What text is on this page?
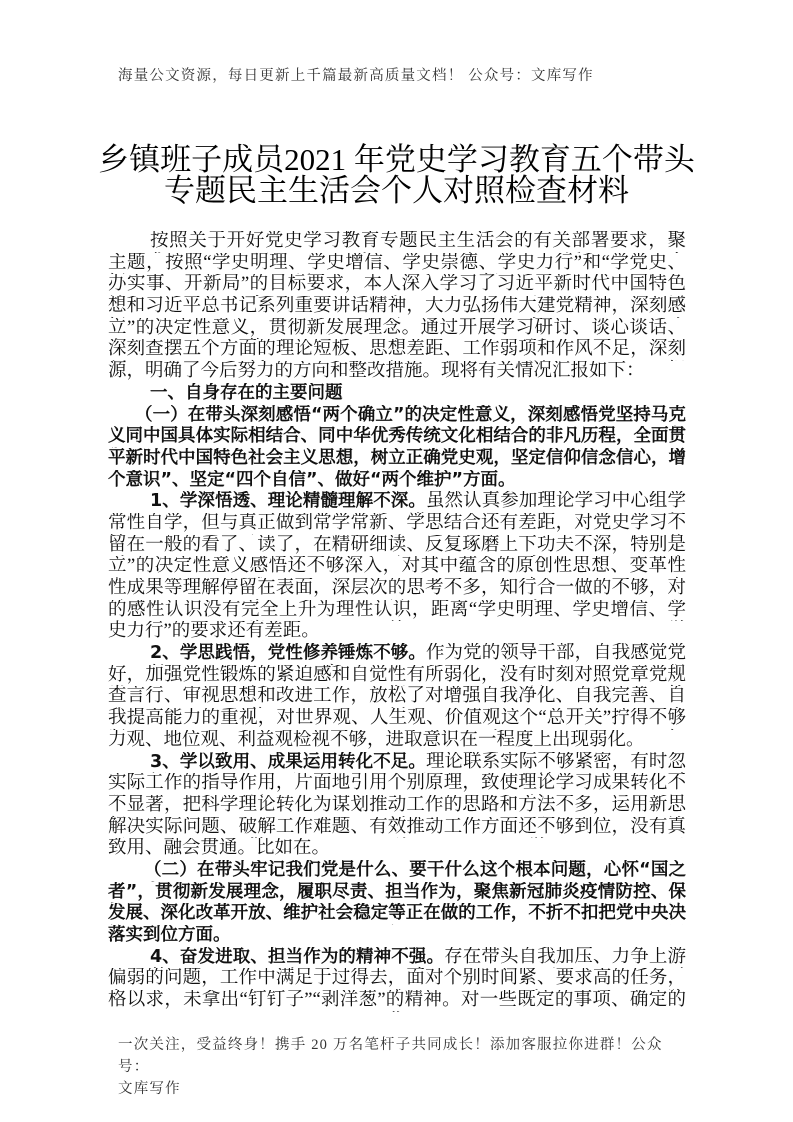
海量公文资源，每日更新上千篇最新高质量文档！ 公众号：文库写作
乡镇班子成员2021 年党史学习教育五个带头
专题民主生活会个人对照检查材料
按照关于开好党史学习教育专题民主生活会的有关部署要求，聚
主题，按照“学史明理、学史增信、学史崇德、学史力行”和“学党史、
办实事、开新局”的目标要求，本人深入学习了习近平新时代中国特色
想和习近平总书记系列重要讲话精神，大力弘扬伟大建党精神，深刻感
立”的决定性意义，贯彻新发展理念。通过开展学习研讨、谈心谈话、
深刻查摆五个方面的理论短板、思想差距、工作弱项和作风不足，深刻
源，明确了今后努力的方向和整改措施。现将有关情况汇报如下：
一、自身存在的主要问题
（一）在带头深刻感悟“两个确立”的决定性意义，深刻感悟党坚持马克
义同中国具体实际相结合、同中华优秀传统文化相结合的非凡历程，全面贯
平新时代中国特色社会主义思想，树立正确党史观，坚定信仰信念信心，增
个意识”、坚定“四个自信”、做好“两个维护”方面。
1、学深悟透、理论精髓理解不深。虽然认真参加理论学习中心组学
常性自学，但与真正做到常学常新、学思结合还有差距，对党史学习不
留在一般的看了、读了，在精研细读、反复琢磨上下功夫不深，特别是
立”的决定性意义感悟还不够深入，对其中蕴含的原创性思想、变革性
性成果等理解停留在表面，深层次的思考不多，知行合一做的不够，对
的感性认识没有完全上升为理性认识，距离“学史明理、学史增信、学
史力行”的要求还有差距。
2、学思践悟，党性修养锤炼不够。作为党的领导干部，自我感觉党
好，加强党性锻炼的紧迫感和自觉性有所弱化，没有时刻对照党章党规
查言行、审视思想和改进工作，放松了对增强自我净化、自我完善、自
我提高能力的重视，对世界观、人生观、价值观这个“总开关”拧得不够
力观、地位观、利益观检视不够，进取意识在一程度上出现弱化。
3、学以致用、成果运用转化不足。理论联系实际不够紧密，有时忽
实际工作的指导作用，片面地引用个别原理，致使理论学习成果转化不
不显著，把科学理论转化为谋划推动工作的思路和方法不多，运用新思
解决实际问题、破解工作难题、有效推动工作方面还不够到位，没有真
致用、融会贯通。比如在。
（二）在带头牢记我们党是什么、要干什么这个根本问题，心怀“国之
者”，贯彻新发展理念，履职尽责、担当作为，聚焦新冠肺炎疫情防控、保
发展、深化改革开放、维护社会稳定等正在做的工作，不折不扣把党中央决
落实到位方面。
4、奋发进取、担当作为的精神不强。存在带头自我加压、力争上游
偏弱的问题，工作中满足于过得去，面对个别时间紧、要求高的任务，
格以求，未拿出“钉钉子”“剥洋葱”的精神。对一些既定的事项、确定的
一次关注，受益终身！携手 20 万名笔杆子共同成长！添加客服拉你进群！公众号：
文库写作
